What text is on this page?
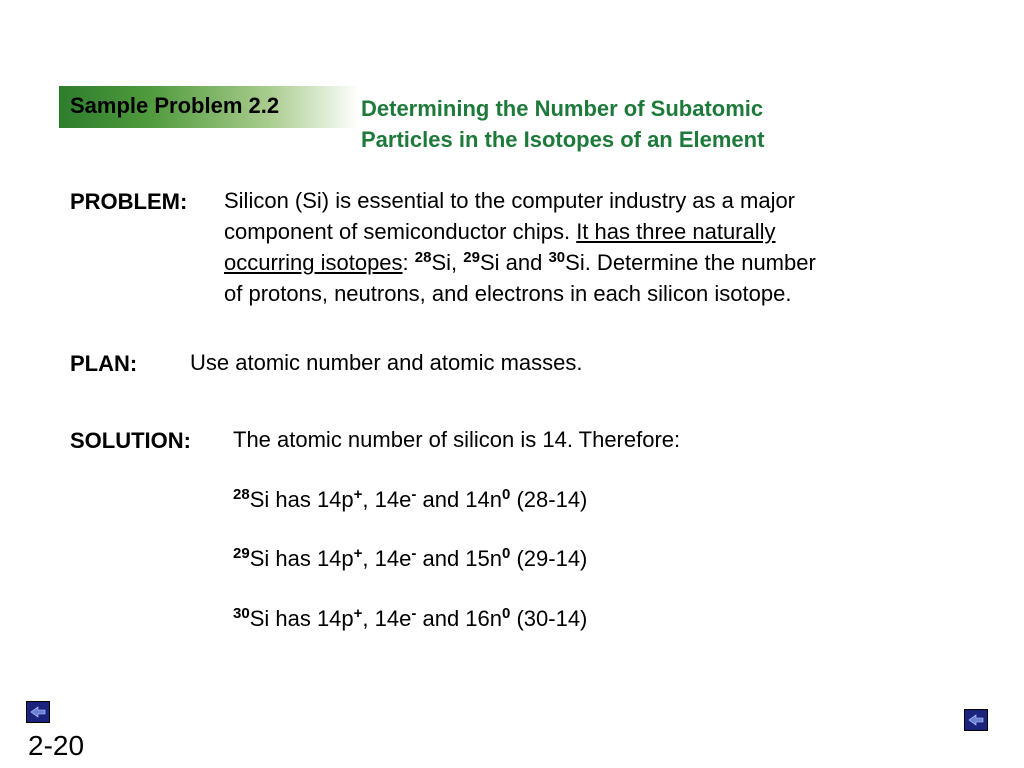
Sample Problem 2.2	Determining the Number of Subatomic
Particles in the Isotopes of an Element
PROBLEM: Silicon (Si) is essential to the computer industry as a major
component of semiconductor chips. It has three naturally
occurring isotopes: $^{28}$Si, $^{29}$Si and $^{30}$Si. Determine the number
of protons, neutrons, and electrons in each silicon isotope.
PLAN: Use atomic number and atomic masses.
SOLUTION: The atomic number of silicon is 14. Therefore:
$^{28}$Si has 14p+, 14e- and $14n^0$ (28-14)
$^{29}$Si has 14p+, 14e- and $15n^0$ (29-14)
$^{30}$Si has 14p+, 14e- and $16n^0$ (30-14)
2-20
